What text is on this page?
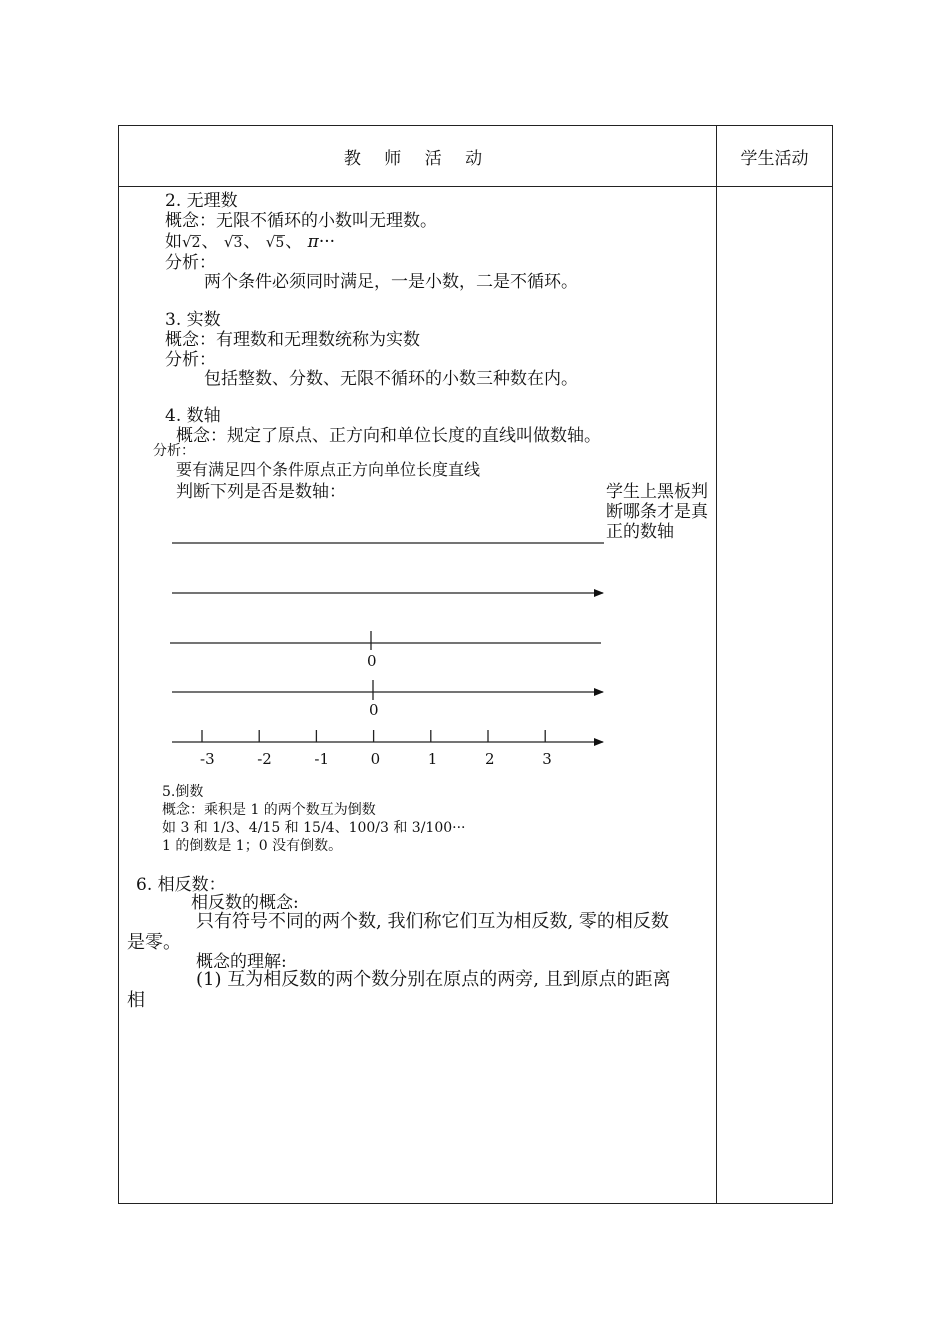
教 师 活 动	学生活动
2. 无理数
概念：无限不循环的小数叫无理数。
如√2、 √3、 √5、 π···
分析：
两个条件必须同时满足，一是小数，二是不循环。
3. 实数
概念：有理数和无理数统称为实数
分析：
包括整数、分数、无限不循环的小数三种数在内。
4. 数轴
概念：规定了原点、正方向和单位长度的直线叫做数轴。
分析：
要有满足四个条件原点正方向单位长度直线
判断下列是否是数轴：
0
0
-3	-2	-1	0	1	2	3
5.倒数
概念：乘积是 1 的两个数互为倒数
如 3 和 1/3、4/15 和 15/4、100/3 和 3/100···
1 的倒数是 1；0 没有倒数。
6. 相反数：
相反数的概念:
只有符号不同的两个数, 我们称它们互为相反数, 零的相反数
是零。
概念的理解:
(1) 互为相反数的两个数分别在原点的两旁, 且到原点的距离
相
学生上黑板判断哪条才是真正的数轴
